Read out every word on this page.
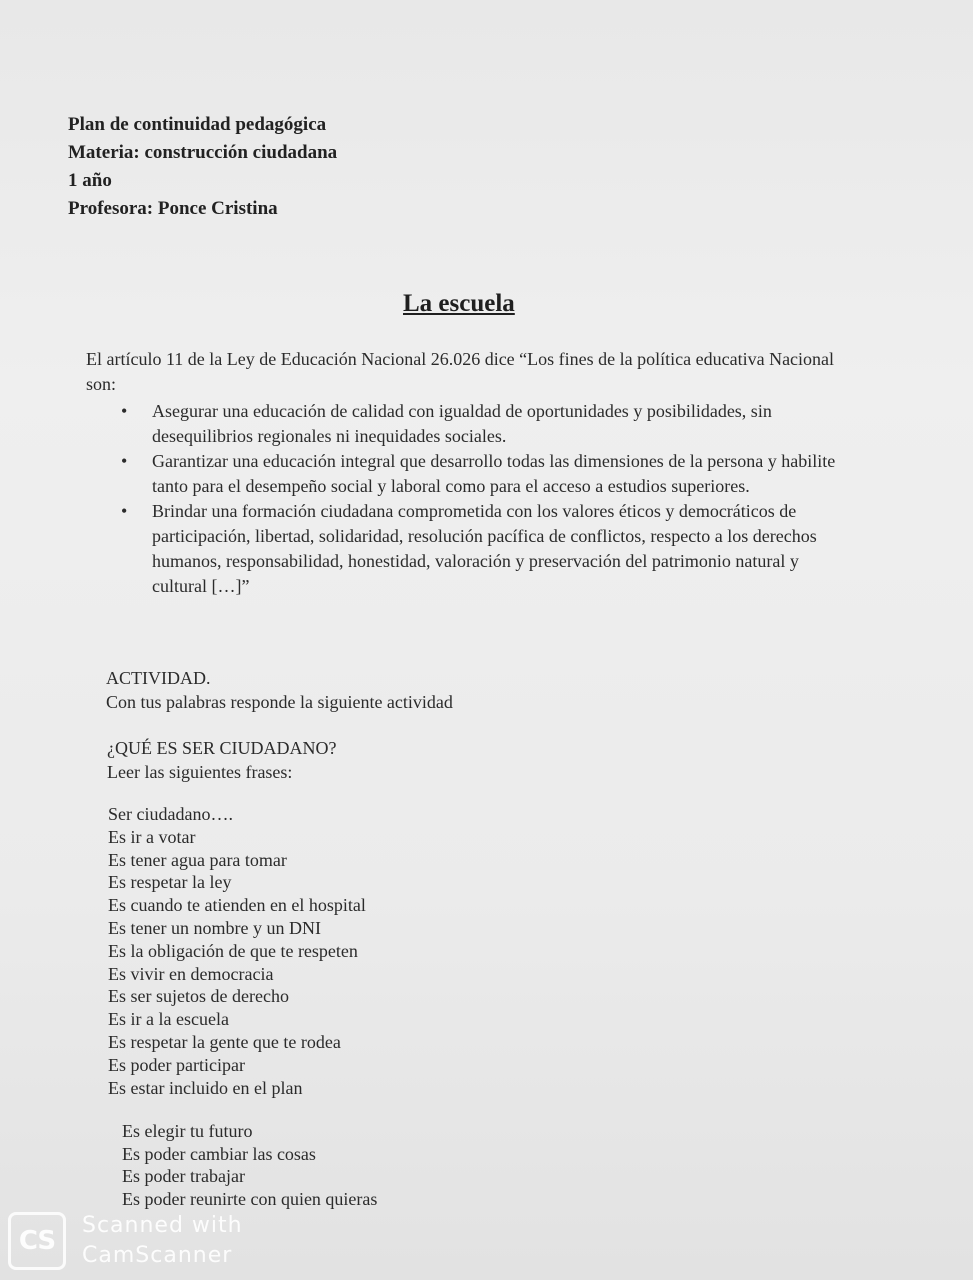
Plan de continuidad pedagógica
Materia: construcción ciudadana
1 año
Profesora: Ponce Cristina
La escuela
El artículo 11 de la Ley de Educación Nacional 26.026 dice “Los fines de la política educativa Nacional son:
• Asegurar una educación de calidad con igualdad de oportunidades y posibilidades, sin desequilibrios regionales ni inequidades sociales.
• Garantizar una educación integral que desarrollo todas las dimensiones de la persona y habilite tanto para el desempeño social y laboral como para el acceso a estudios superiores.
• Brindar una formación ciudadana comprometida con los valores éticos y democráticos de participación, libertad, solidaridad, resolución pacífica de conflictos, respecto a los derechos humanos, responsabilidad, honestidad, valoración y preservación del patrimonio natural y cultural […]”
ACTIVIDAD.
Con tus palabras responde la siguiente actividad
¿QUÉ ES SER CIUDADANO?
Leer las siguientes frases:
Ser ciudadano….
Es ir a votar
Es tener agua para tomar
Es respetar la ley
Es cuando te atienden en el hospital
Es tener un nombre y un DNI
Es la obligación de que te respeten
Es vivir en democracia
Es ser sujetos de derecho
Es ir a la escuela
Es respetar la gente que te rodea
Es poder participar
Es estar incluido en el plan
Es elegir tu futuro
Es poder cambiar las cosas
Es poder trabajar
Es poder reunirte con quien quieras
CS
Scanned with
CamScanner
